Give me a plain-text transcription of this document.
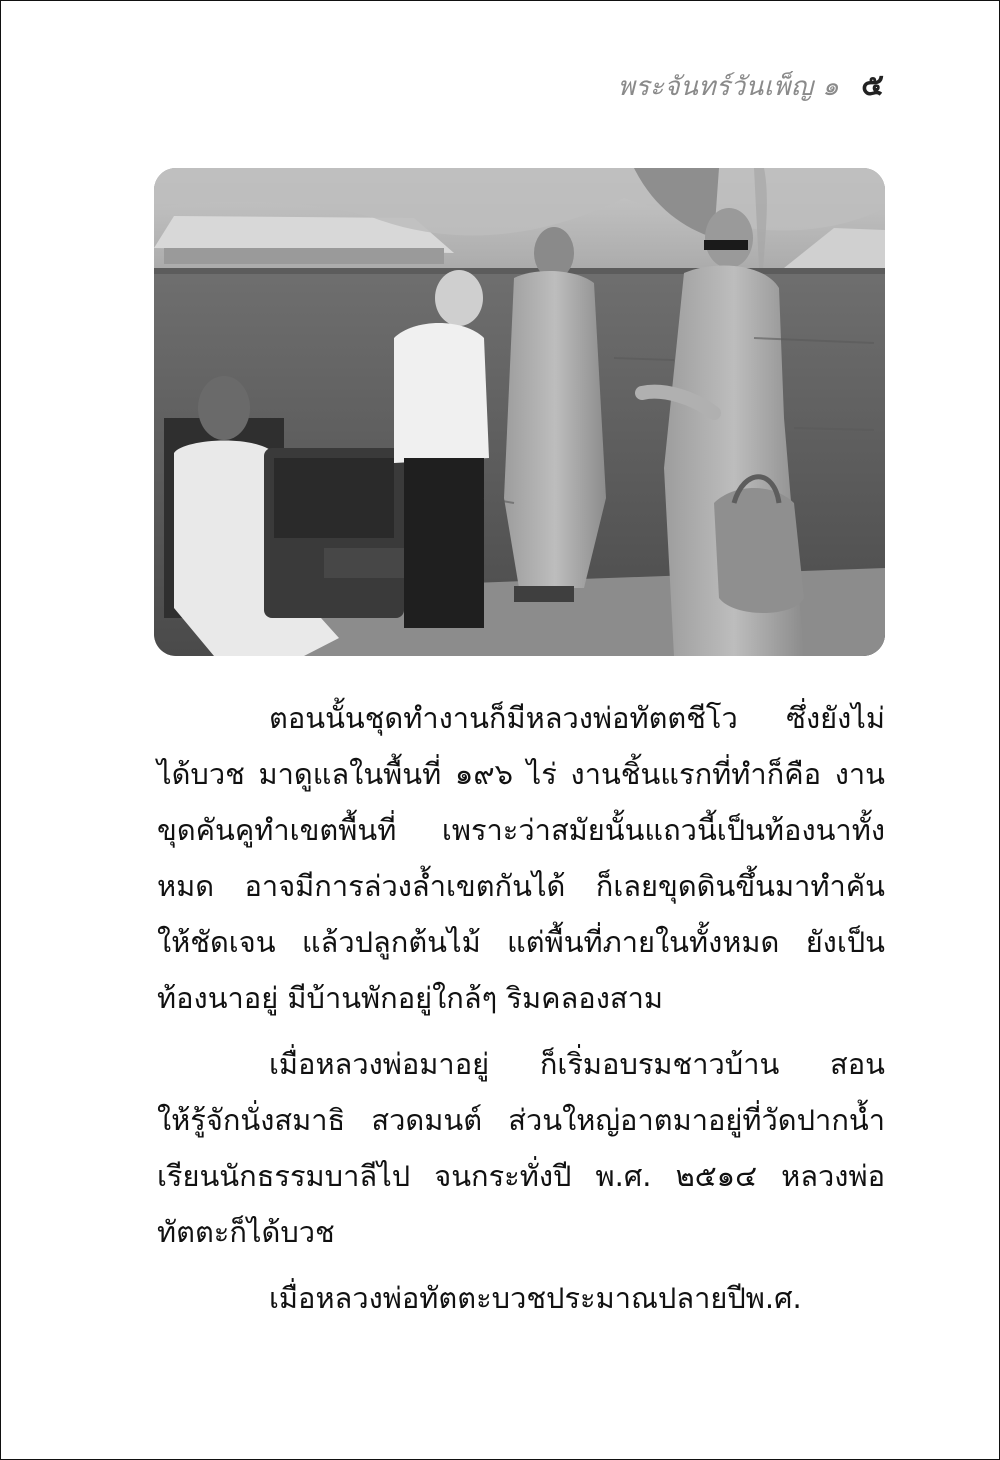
พระจันทร์วันเพ็ญ ๑ ๕
ตอนนั้นชุดทำงานก็มีหลวงพ่อทัตตชีโว ซึ่งยังไม่
ได้บวช มาดูแลในพื้นที่ ๑๙๖ ไร่ งานชิ้นแรกที่ทำก็คือ งาน
ขุดคันคูทำเขตพื้นที่ เพราะว่าสมัยนั้นแถวนี้เป็นท้องนาทั้ง
หมด อาจมีการล่วงล้ำเขตกันได้ ก็เลยขุดดินขึ้นมาทำคัน
ให้ชัดเจน แล้วปลูกต้นไม้ แต่พื้นที่ภายในทั้งหมด ยังเป็น
ท้องนาอยู่ มีบ้านพักอยู่ใกล้ๆ ริมคลองสาม
เมื่อหลวงพ่อมาอยู่ ก็เริ่มอบรมชาวบ้าน สอน
ให้รู้จักนั่งสมาธิ สวดมนต์ ส่วนใหญ่อาตมาอยู่ที่วัดปากน้ำ
เรียนนักธรรมบาลีไป จนกระทั่งปี พ.ศ. ๒๕๑๔ หลวงพ่อ
ทัตตะก็ได้บวช
เมื่อหลวงพ่อทัตตะบวชประมาณปลายปีพ.ศ.
